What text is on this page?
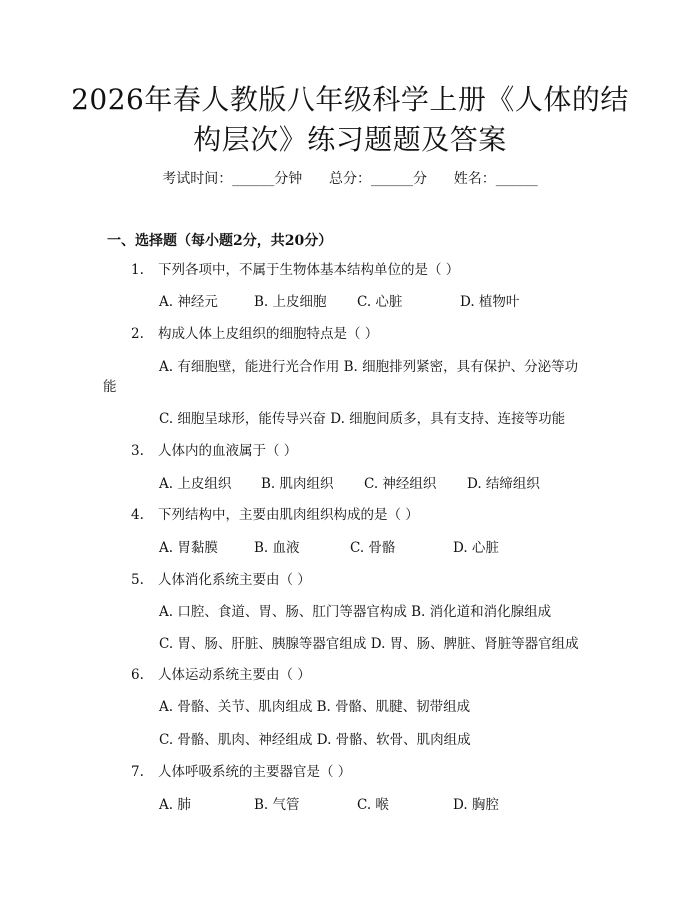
2026年春人教版八年级科学上册《人体的结
构层次》练习题题及答案
考试时间：______分钟      总分：______分      姓名：______
一、选择题（每小题2分，共20分）
1. 下列各项中，不属于生物体基本结构单位的是（ ）
A. 神经元	B. 上皮细胞 C. 心脏	D. 植物叶
2. 构成人体上皮组织的细胞特点是（ ）
A. 有细胞壁，能进行光合作用 B. 细胞排列紧密，具有保护、分泌等功
能
C. 细胞呈球形，能传导兴奋 D. 细胞间质多，具有支持、连接等功能
3. 人体内的血液属于（ ）
A. 上皮组织 B. 肌肉组织 C. 神经组织 D. 结缔组织
4. 下列结构中，主要由肌肉组织构成的是（ ）
A. 胃黏膜	B. 血液	C. 骨骼	D. 心脏
5. 人体消化系统主要由（ ）
A. 口腔、食道、胃、肠、肛门等器官构成 B. 消化道和消化腺组成
C. 胃、肠、肝脏、胰腺等器官组成 D. 胃、肠、脾脏、肾脏等器官组成
6. 人体运动系统主要由（ ）
A. 骨骼、关节、肌肉组成 B. 骨骼、肌腱、韧带组成
C. 骨骼、肌肉、神经组成 D. 骨骼、软骨、肌肉组成
7. 人体呼吸系统的主要器官是（ ）
A. 肺	B. 气管	C. 喉	D. 胸腔
